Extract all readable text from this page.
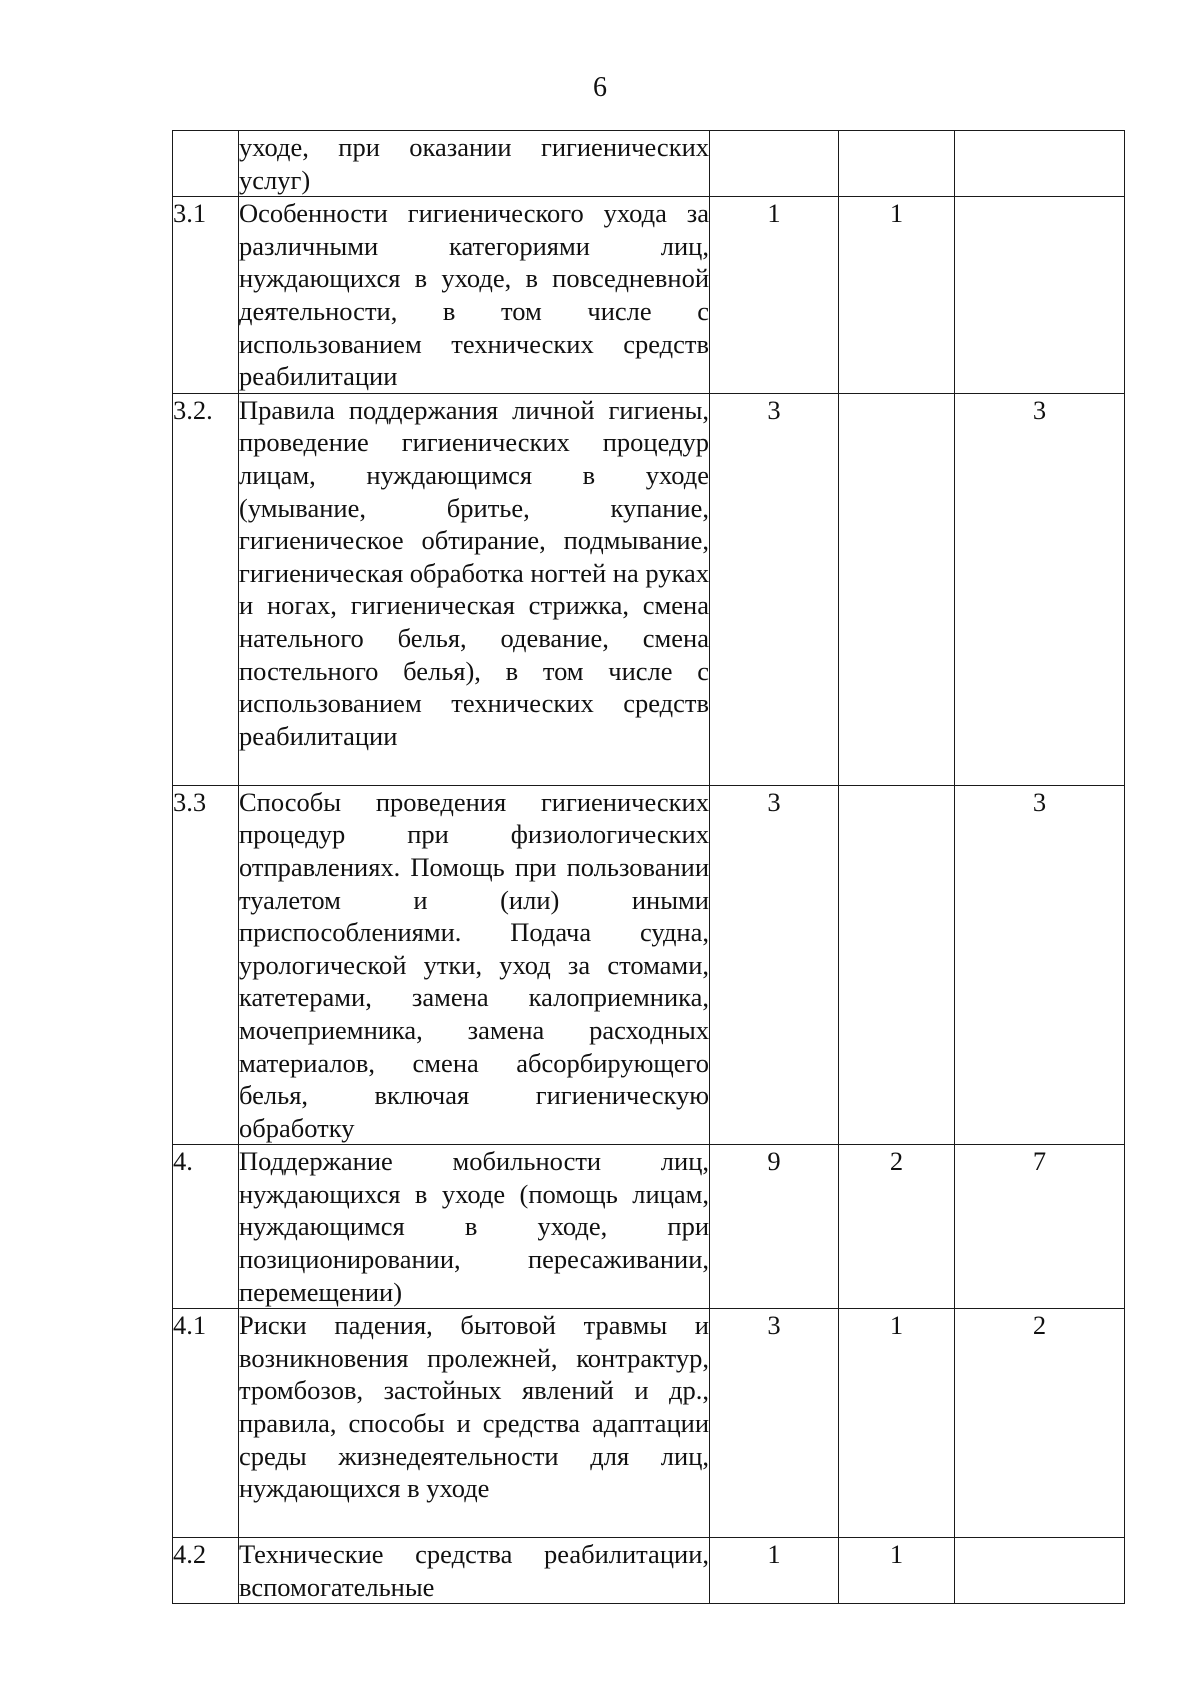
6
	уходе, при оказании гигиенических услуг)			
3.1	Особенности гигиенического ухода за различными категориями лиц, нуждающихся в уходе, в повседневной деятельности, в том числе с использованием технических средств реабилитации	1	1	
3.2.	Правила поддержания личной гигиены, проведение гигиенических процедур лицам, нуждающимся в уходе (умывание, бритье, купание, гигиеническое обтирание, подмывание, гигиеническая обработка ногтей на руках и ногах, гигиеническая стрижка, смена нательного белья, одевание, смена постельного белья), в том числе с использованием технических средств реабилитации	3		3
3.3	Способы проведения гигиенических процедур при физиологических отправлениях. Помощь при пользовании туалетом и (или) иными приспособлениями. Подача судна, урологической утки, уход за стомами, катетерами, замена калоприемника, мочеприемника, замена расходных материалов, смена абсорбирующего белья, включая гигиеническую обработку	3		3
4.	Поддержание мобильности лиц, нуждающихся в уходе (помощь лицам, нуждающимся в уходе, при позиционировании, пересаживании, перемещении)	9	2	7
4.1	Риски падения, бытовой травмы и возникновения пролежней, контрактур, тромбозов, застойных явлений и др., правила, способы и средства адаптации среды жизнедеятельности для лиц, нуждающихся в уходе	3	1	2
4.2	Технические средства реабилитации, вспомогательные	1	1	
